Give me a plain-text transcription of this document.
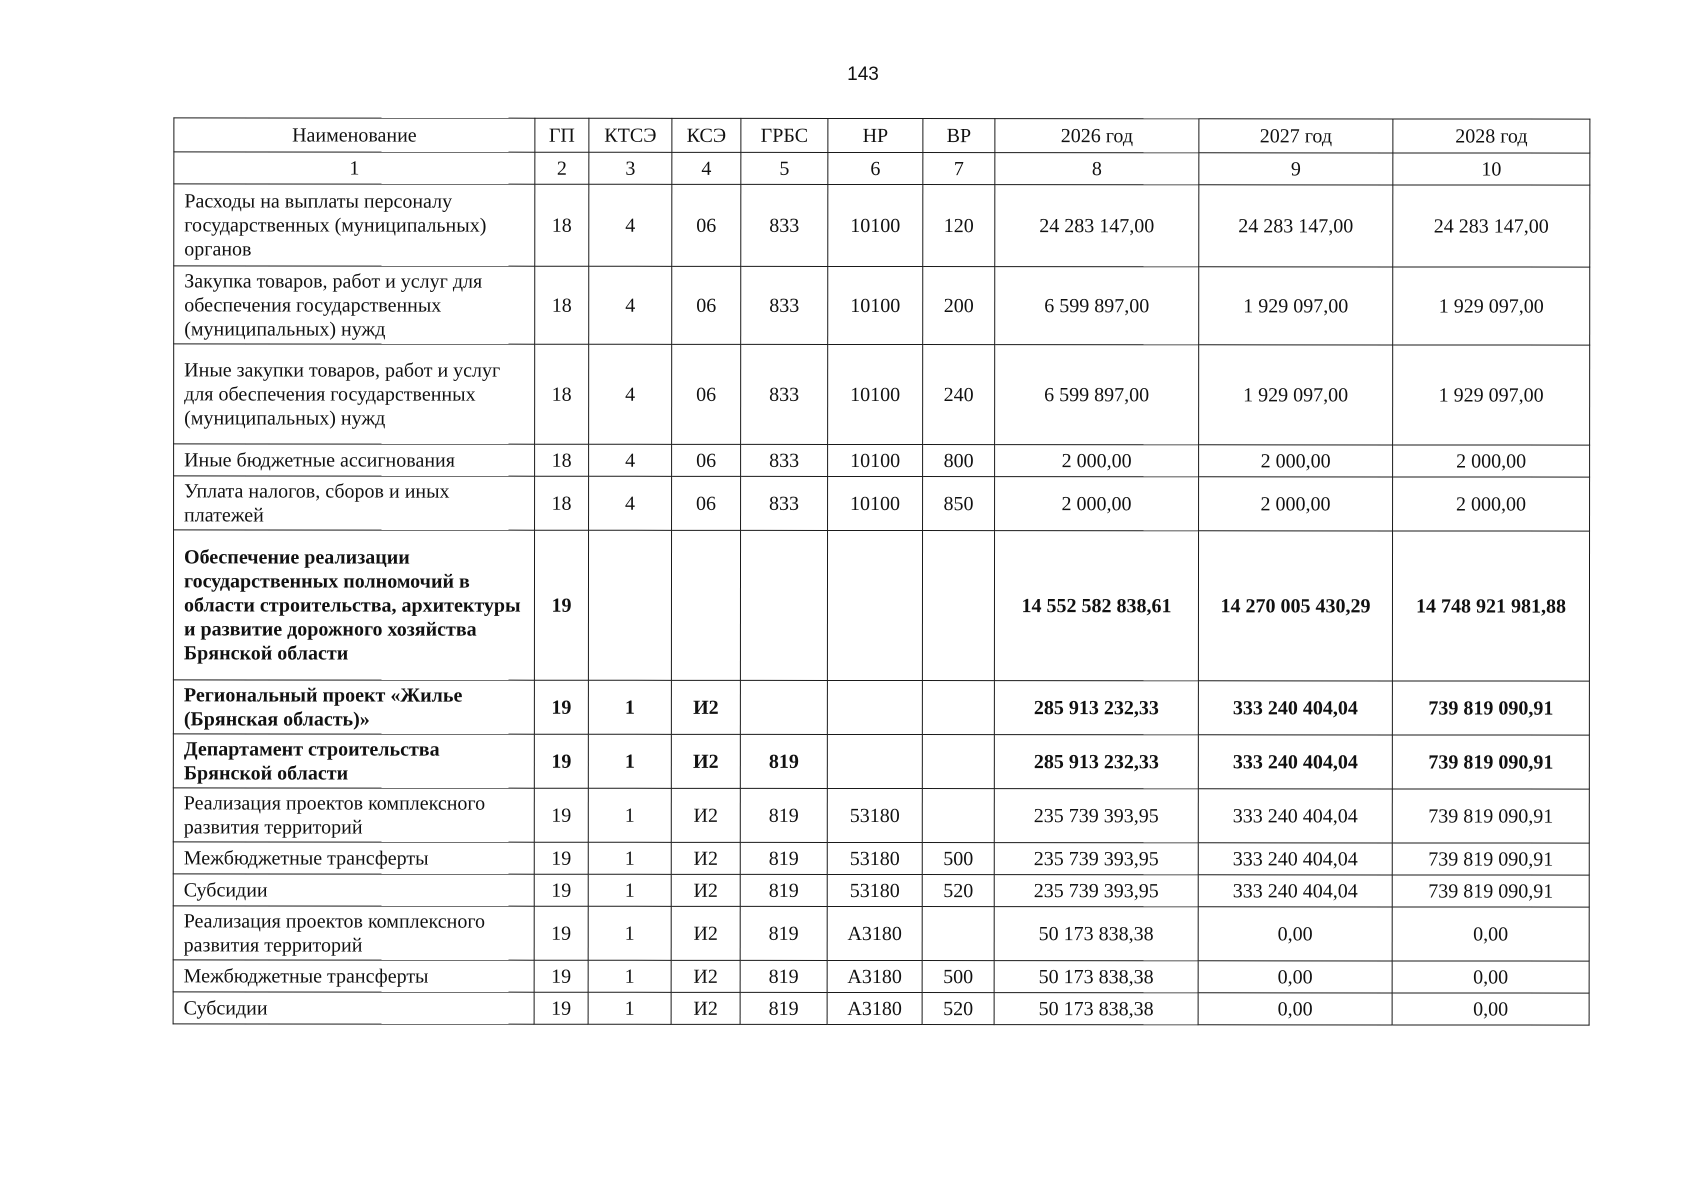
143
Наименование	ГП	КТСЭ	КСЭ	ГРБС	НР	ВР	2026 год	2027 год	2028 год
1	2	3	4	5	6	7	8	9	10
Расходы на выплаты персоналу государственных (муниципальных) органов	18	4	06	833	10100	120	24 283 147,00	24 283 147,00	24 283 147,00
Закупка товаров, работ и услуг для обеспечения государственных (муниципальных) нужд	18	4	06	833	10100	200	6 599 897,00	1 929 097,00	1 929 097,00
Иные закупки товаров, работ и услуг для обеспечения государственных (муниципальных) нужд	18	4	06	833	10100	240	6 599 897,00	1 929 097,00	1 929 097,00
Иные бюджетные ассигнования	18	4	06	833	10100	800	2 000,00	2 000,00	2 000,00
Уплата налогов, сборов и иных платежей	18	4	06	833	10100	850	2 000,00	2 000,00	2 000,00
Обеспечение реализации государственных полномочий в области строительства, архитектуры и развитие дорожного хозяйства Брянской области	19						14 552 582 838,61	14 270 005 430,29	14 748 921 981,88
Региональный проект «Жилье (Брянская область)»	19	1	И2				285 913 232,33	333 240 404,04	739 819 090,91
Департамент строительства Брянской области	19	1	И2	819			285 913 232,33	333 240 404,04	739 819 090,91
Реализация проектов комплексного развития территорий	19	1	И2	819	53180		235 739 393,95	333 240 404,04	739 819 090,91
Межбюджетные трансферты	19	1	И2	819	53180	500	235 739 393,95	333 240 404,04	739 819 090,91
Субсидии	19	1	И2	819	53180	520	235 739 393,95	333 240 404,04	739 819 090,91
Реализация проектов комплексного развития территорий	19	1	И2	819	А3180		50 173 838,38	0,00	0,00
Межбюджетные трансферты	19	1	И2	819	А3180	500	50 173 838,38	0,00	0,00
Субсидии	19	1	И2	819	А3180	520	50 173 838,38	0,00	0,00
